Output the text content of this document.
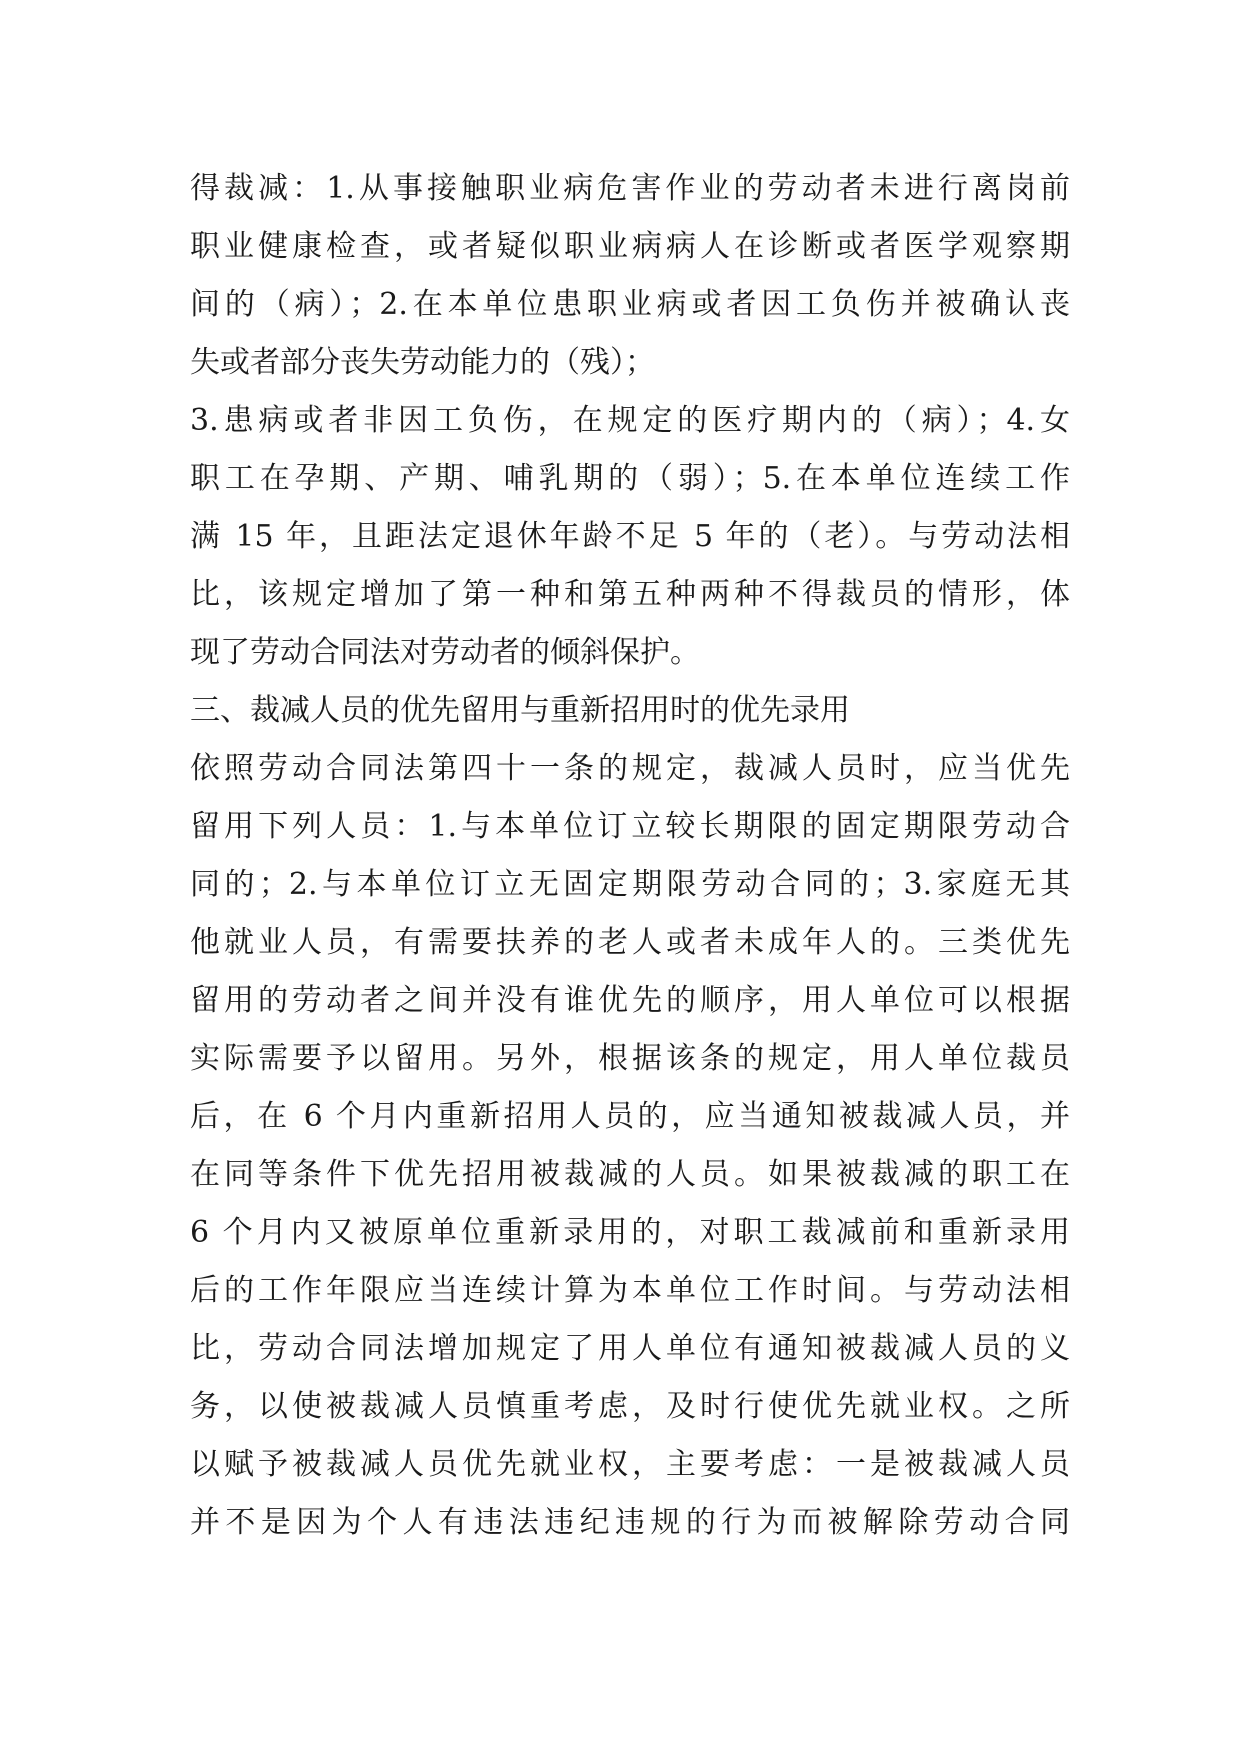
得裁减：1.从事接触职业病危害作业的劳动者未进行离岗前
职业健康检查，或者疑似职业病病人在诊断或者医学观察期
间的（病）；2.在本单位患职业病或者因工负伤并被确认丧
失或者部分丧失劳动能力的（残）；
3.患病或者非因工负伤，在规定的医疗期内的（病）；4.女
职工在孕期、产期、哺乳期的（弱）；5.在本单位连续工作
满 15 年，且距法定退休年龄不足 5 年的（老）。与劳动法相
比，该规定增加了第一种和第五种两种不得裁员的情形，体
现了劳动合同法对劳动者的倾斜保护。
三、裁减人员的优先留用与重新招用时的优先录用
依照劳动合同法第四十一条的规定，裁减人员时，应当优先
留用下列人员：1.与本单位订立较长期限的固定期限劳动合
同的；2.与本单位订立无固定期限劳动合同的；3.家庭无其
他就业人员，有需要扶养的老人或者未成年人的。三类优先
留用的劳动者之间并没有谁优先的顺序，用人单位可以根据
实际需要予以留用。另外，根据该条的规定，用人单位裁员
后，在 6 个月内重新招用人员的，应当通知被裁减人员，并
在同等条件下优先招用被裁减的人员。如果被裁减的职工在
6 个月内又被原单位重新录用的，对职工裁减前和重新录用
后的工作年限应当连续计算为本单位工作时间。与劳动法相
比，劳动合同法增加规定了用人单位有通知被裁减人员的义
务，以使被裁减人员慎重考虑，及时行使优先就业权。之所
以赋予被裁减人员优先就业权，主要考虑：一是被裁减人员
并不是因为个人有违法违纪违规的行为而被解除劳动合同
